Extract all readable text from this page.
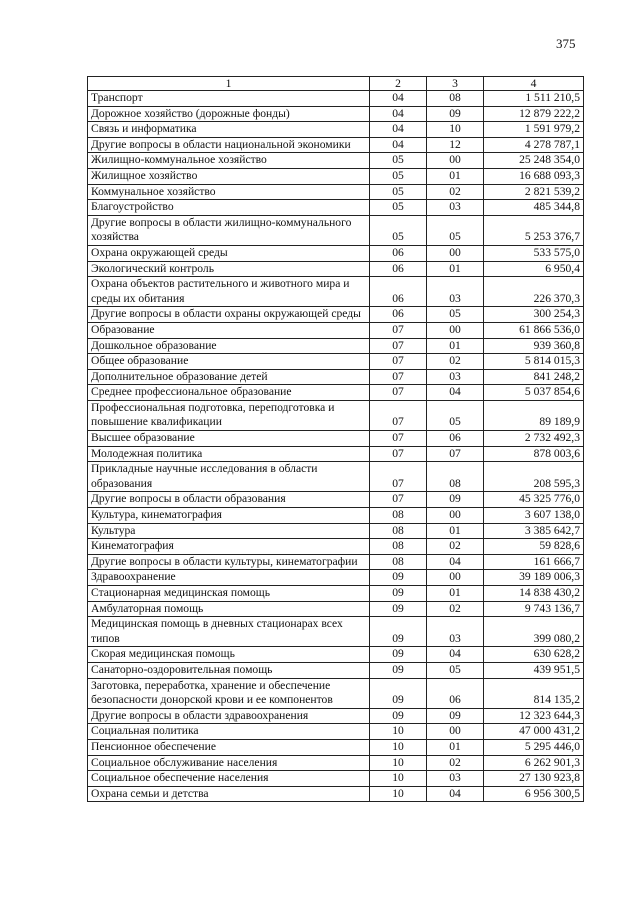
375
1	2	3	4
Транспорт	04	08	1 511 210,5
Дорожное хозяйство (дорожные фонды)	04	09	12 879 222,2
Связь и информатика	04	10	1 591 979,2
Другие вопросы в области национальной экономики	04	12	4 278 787,1
Жилищно-коммунальное хозяйство	05	00	25 248 354,0
Жилищное хозяйство	05	01	16 688 093,3
Коммунальное хозяйство	05	02	2 821 539,2
Благоустройство	05	03	485 344,8
Другие вопросы в области жилищно-коммунального хозяйства	05	05	5 253 376,7
Охрана окружающей среды	06	00	533 575,0
Экологический контроль	06	01	6 950,4
Охрана объектов растительного и животного мира и среды их обитания	06	03	226 370,3
Другие вопросы в области охраны окружающей среды	06	05	300 254,3
Образование	07	00	61 866 536,0
Дошкольное образование	07	01	939 360,8
Общее образование	07	02	5 814 015,3
Дополнительное образование детей	07	03	841 248,2
Среднее профессиональное образование	07	04	5 037 854,6
Профессиональная подготовка, переподготовка и повышение квалификации	07	05	89 189,9
Высшее образование	07	06	2 732 492,3
Молодежная политика	07	07	878 003,6
Прикладные научные исследования в области образования	07	08	208 595,3
Другие вопросы в области образования	07	09	45 325 776,0
Культура, кинематография	08	00	3 607 138,0
Культура	08	01	3 385 642,7
Кинематография	08	02	59 828,6
Другие вопросы в области культуры, кинематографии	08	04	161 666,7
Здравоохранение	09	00	39 189 006,3
Стационарная медицинская помощь	09	01	14 838 430,2
Амбулаторная помощь	09	02	9 743 136,7
Медицинская помощь в дневных стационарах всех типов	09	03	399 080,2
Скорая медицинская помощь	09	04	630 628,2
Санаторно-оздоровительная помощь	09	05	439 951,5
Заготовка, переработка, хранение и обеспечение безопасности донорской крови и ее компонентов	09	06	814 135,2
Другие вопросы в области здравоохранения	09	09	12 323 644,3
Социальная политика	10	00	47 000 431,2
Пенсионное обеспечение	10	01	5 295 446,0
Социальное обслуживание населения	10	02	6 262 901,3
Социальное обеспечение населения	10	03	27 130 923,8
Охрана семьи и детства	10	04	6 956 300,5
